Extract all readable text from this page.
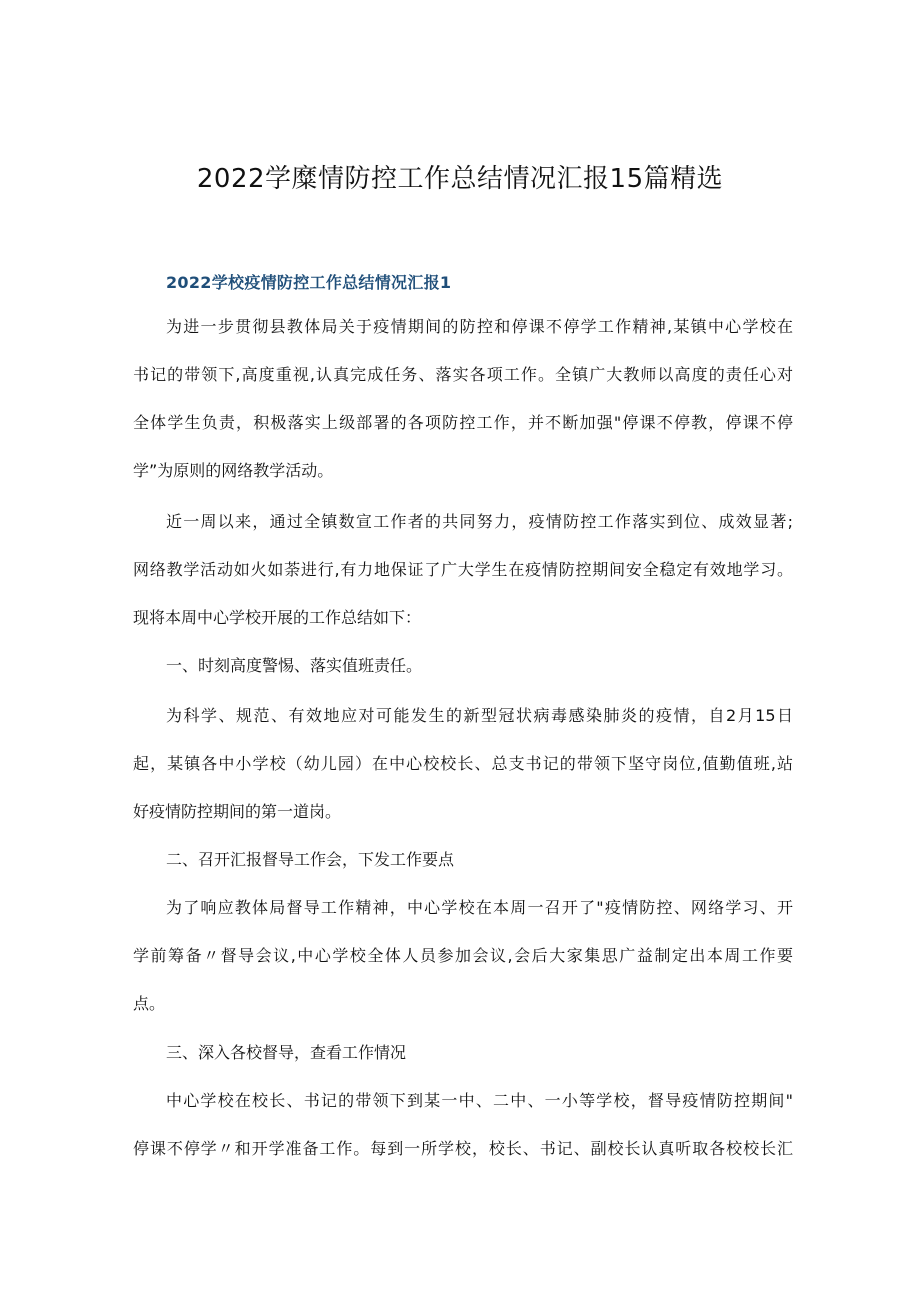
2022学糜情防控工作总结情况汇报15篇精选
2022学校疫情防控工作总结情况汇报1

为进一步贯彻县教体局关于疫情期间的防控和停课不停学工作精神,某镇中心学校在

书记的带领下,高度重视,认真完成任务、落实各项工作。全镇广大教师以高度的责任心对

全体学生负责，积极落实上级部署的各项防控工作，并不断加强"停课不停教，停课不停

学”为原则的网络教学活动。

近一周以来，通过全镇数宣工作者的共同努力，疫情防控工作落实到位、成效显著;

网络教学活动如火如荼进行,有力地保证了广大学生在疫情防控期间安全稳定有效地学习。

现将本周中心学校开展的工作总结如下：

一、时刻高度警惕、落实值班责任。

为科学、规范、有效地应对可能发生的新型冠状病毒感染肺炎的疫情，自2月15日

起，某镇各中小学校（幼儿园）在中心校校长、总支书记的带领下坚守岗位,值勤值班,站

好疫情防控期间的第一道岗。

二、召开汇报督导工作会，下发工作要点

为了响应教体局督导工作精神，中心学校在本周一召开了"疫情防控、网络学习、开

学前筹备〃督导会议,中心学校全体人员参加会议,会后大家集思广益制定出本周工作要

点。

三、深入各校督导，查看工作情况

中心学校在校长、书记的带领下到某一中、二中、一小等学校，督导疫情防控期间"

停课不停学〃和开学准备工作。每到一所学校，校长、书记、副校长认真听取各校校长汇
